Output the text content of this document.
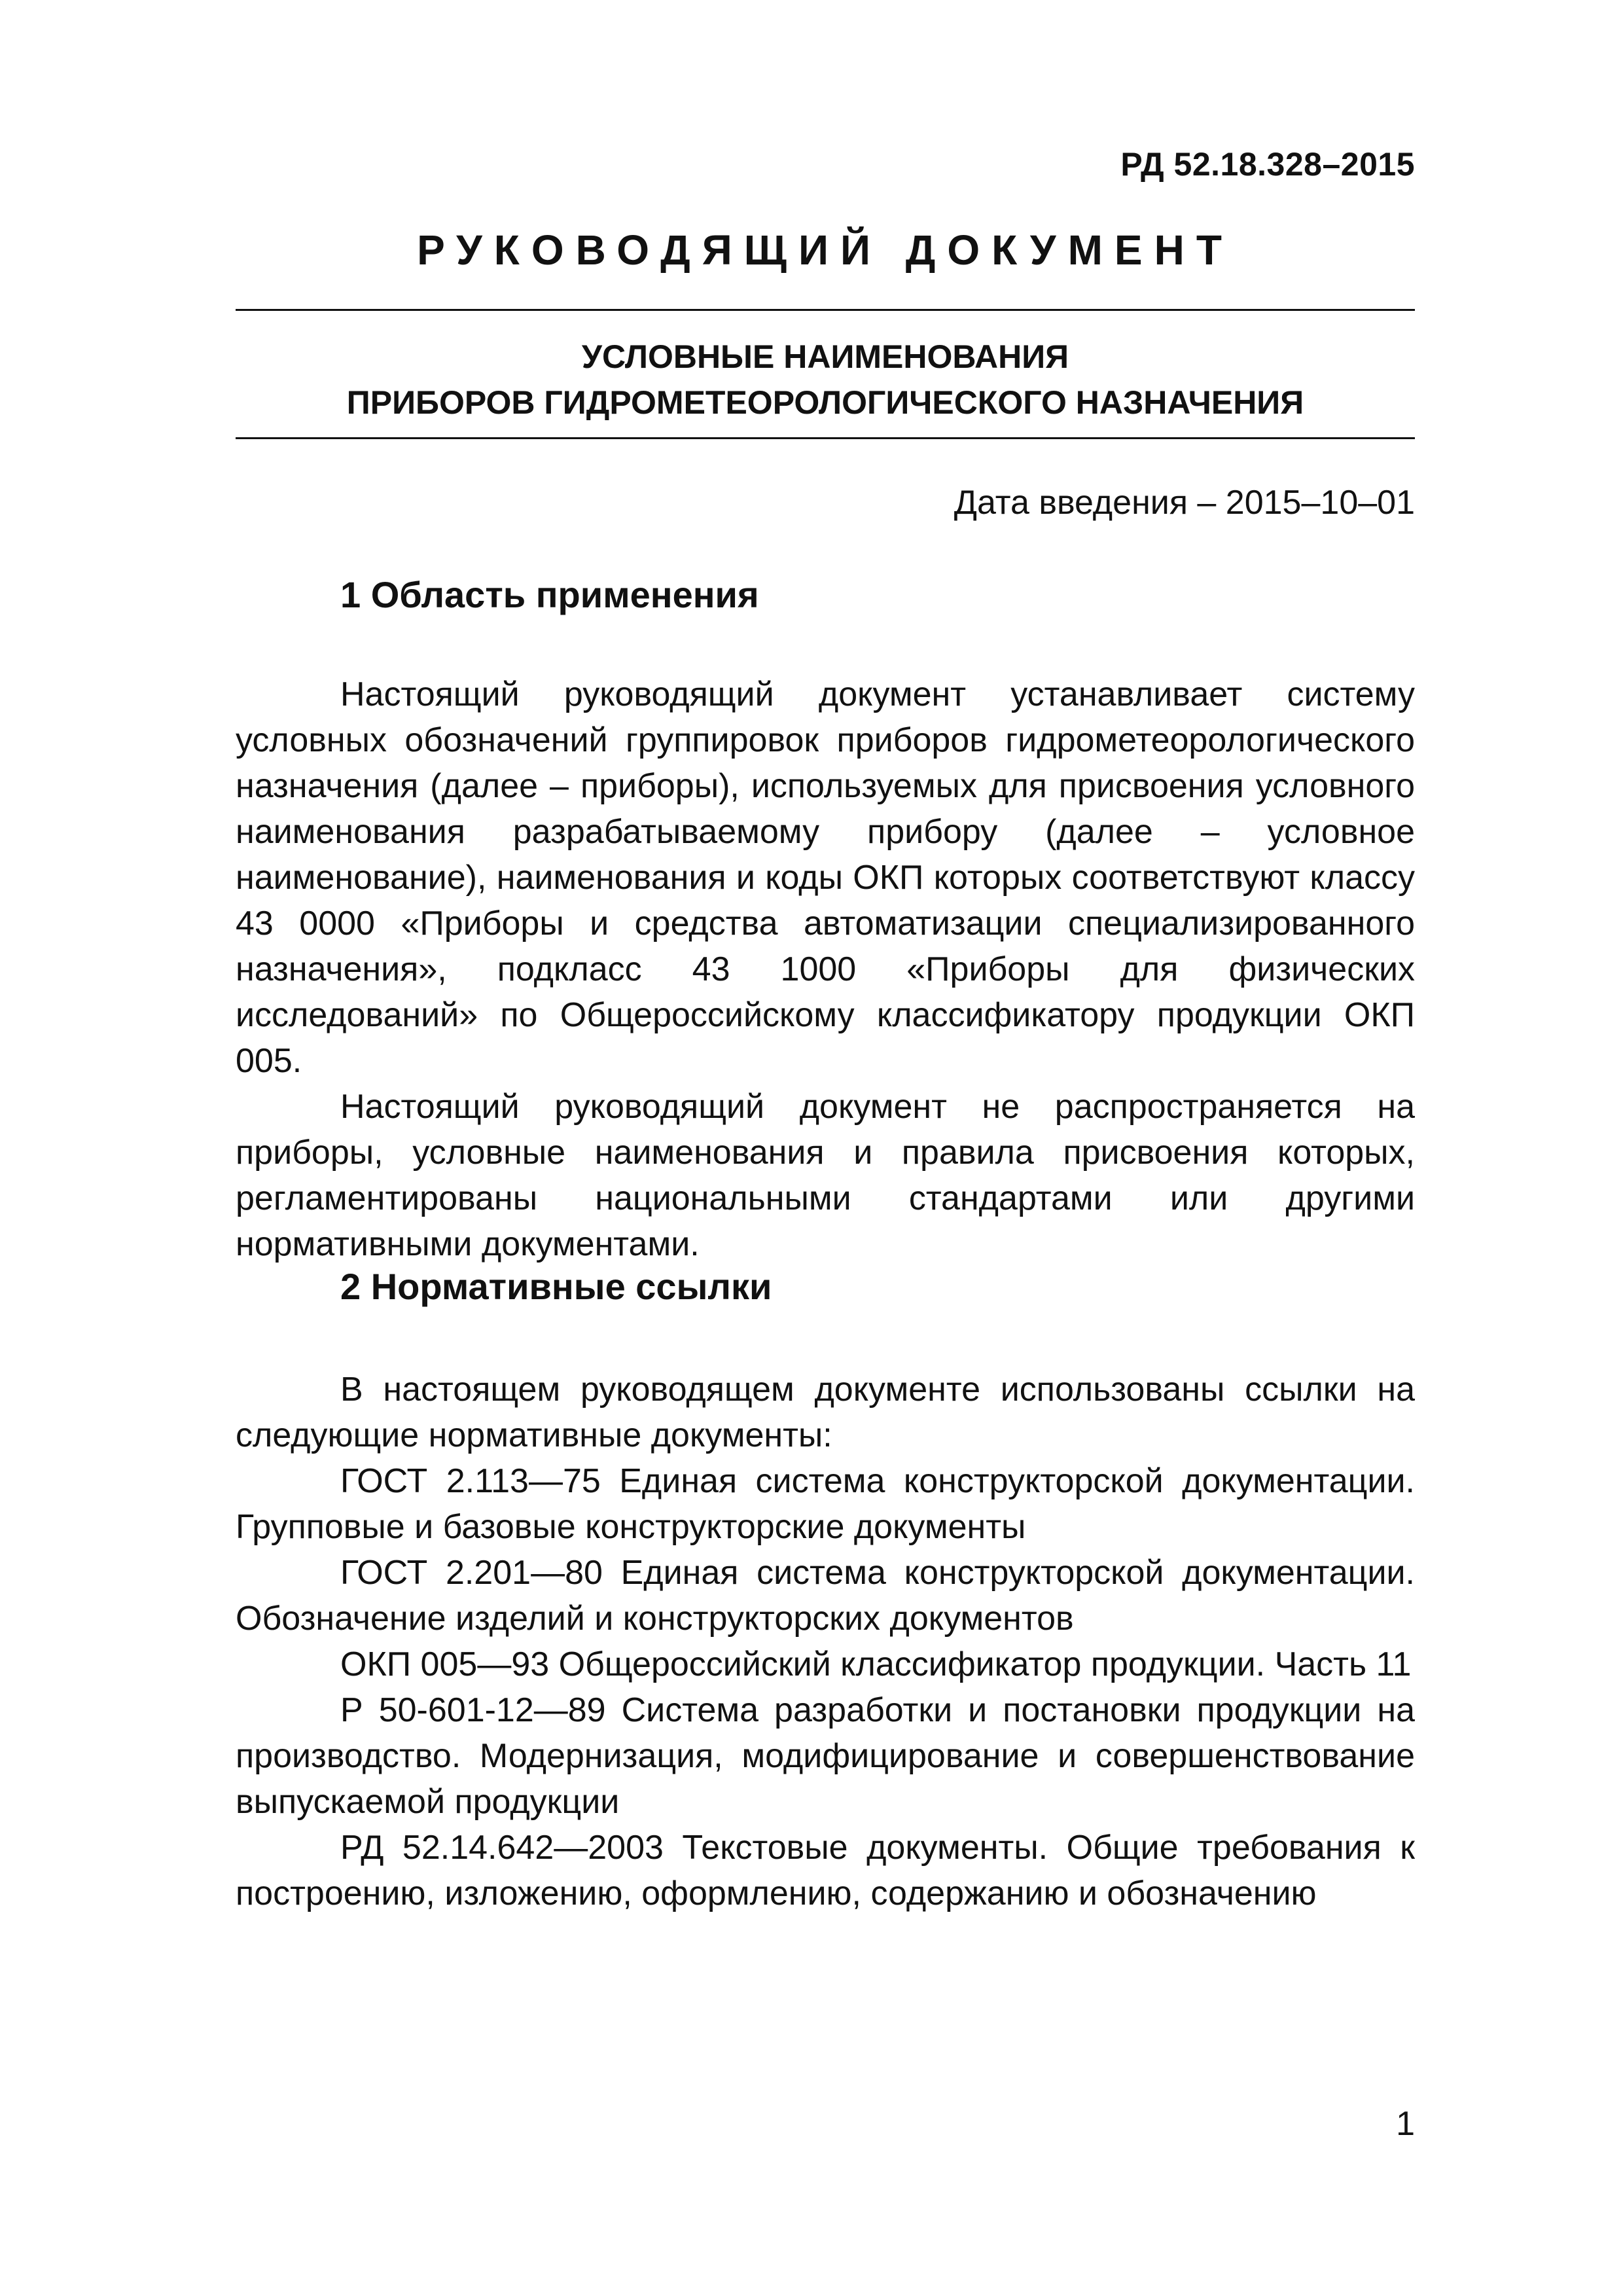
РД 52.18.328–2015
РУКОВОДЯЩИЙ ДОКУМЕНТ
УСЛОВНЫЕ НАИМЕНОВАНИЯ
ПРИБОРОВ ГИДРОМЕТЕОРОЛОГИЧЕСКОГО НАЗНАЧЕНИЯ
Дата введения – 2015–10–01
1 Область применения

Настоящий руководящий документ устанавливает систему условных обозначений группировок приборов гидрометеорологического назначения (далее – приборы), используемых для присвоения условного наименования разрабатываемому прибору (далее – условное наименование), наименования и коды ОКП которых соответствуют классу 43 0000 «Приборы и средства автоматизации специализированного назначения», подкласс 43 1000 «Приборы для физических исследований» по Общероссийскому классификатору продукции ОКП 005.

Настоящий руководящий документ не распространяется на приборы, условные наименования и правила присвоения которых, регламентированы национальными стандартами или другими нормативными документами.

2 Нормативные ссылки

В настоящем руководящем документе использованы ссылки на следующие нормативные документы:

ГОСТ 2.113—75 Единая система конструкторской документации. Групповые и базовые конструкторские документы

ГОСТ 2.201—80 Единая система конструкторской документации. Обозначение изделий и конструкторских документов

ОКП 005—93 Общероссийский классификатор продукции. Часть 11

Р 50-601-12—89 Система разработки и постановки продукции на производство. Модернизация, модифицирование и совершенствование выпускаемой продукции

РД 52.14.642—2003 Текстовые документы. Общие требования к построению, изложению, оформлению, содержанию и обозначению

1
